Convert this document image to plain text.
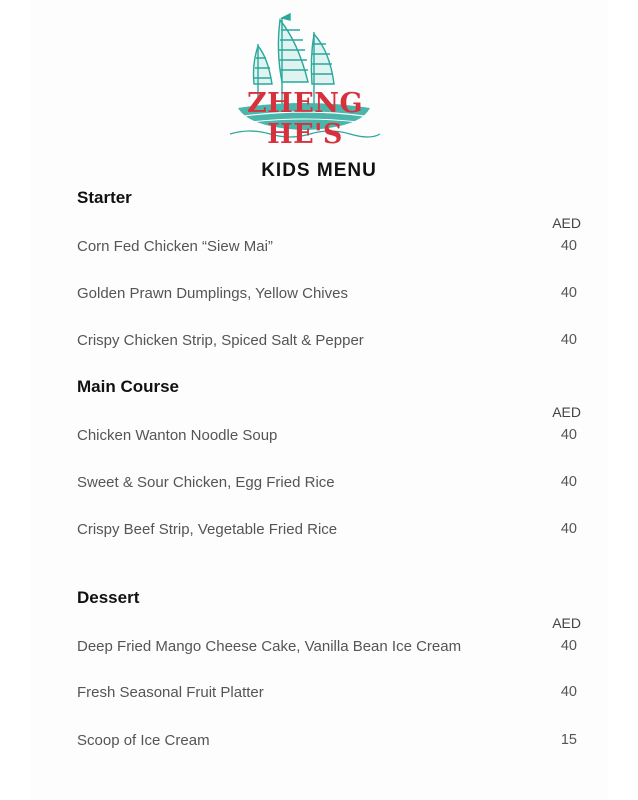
ZHENG HE'S
KIDS MENU
Starter
AED
Corn Fed Chicken “Siew Mai”	40
Golden Prawn Dumplings, Yellow Chives	40
Crispy Chicken Strip, Spiced Salt & Pepper	40
Main Course
AED
Chicken Wanton Noodle Soup	40
Sweet & Sour Chicken, Egg Fried Rice	40
Crispy Beef Strip, Vegetable Fried Rice	40
Dessert
AED
Deep Fried Mango Cheese Cake, Vanilla Bean Ice Cream	40
Fresh Seasonal Fruit Platter	40
Scoop of Ice Cream	15
